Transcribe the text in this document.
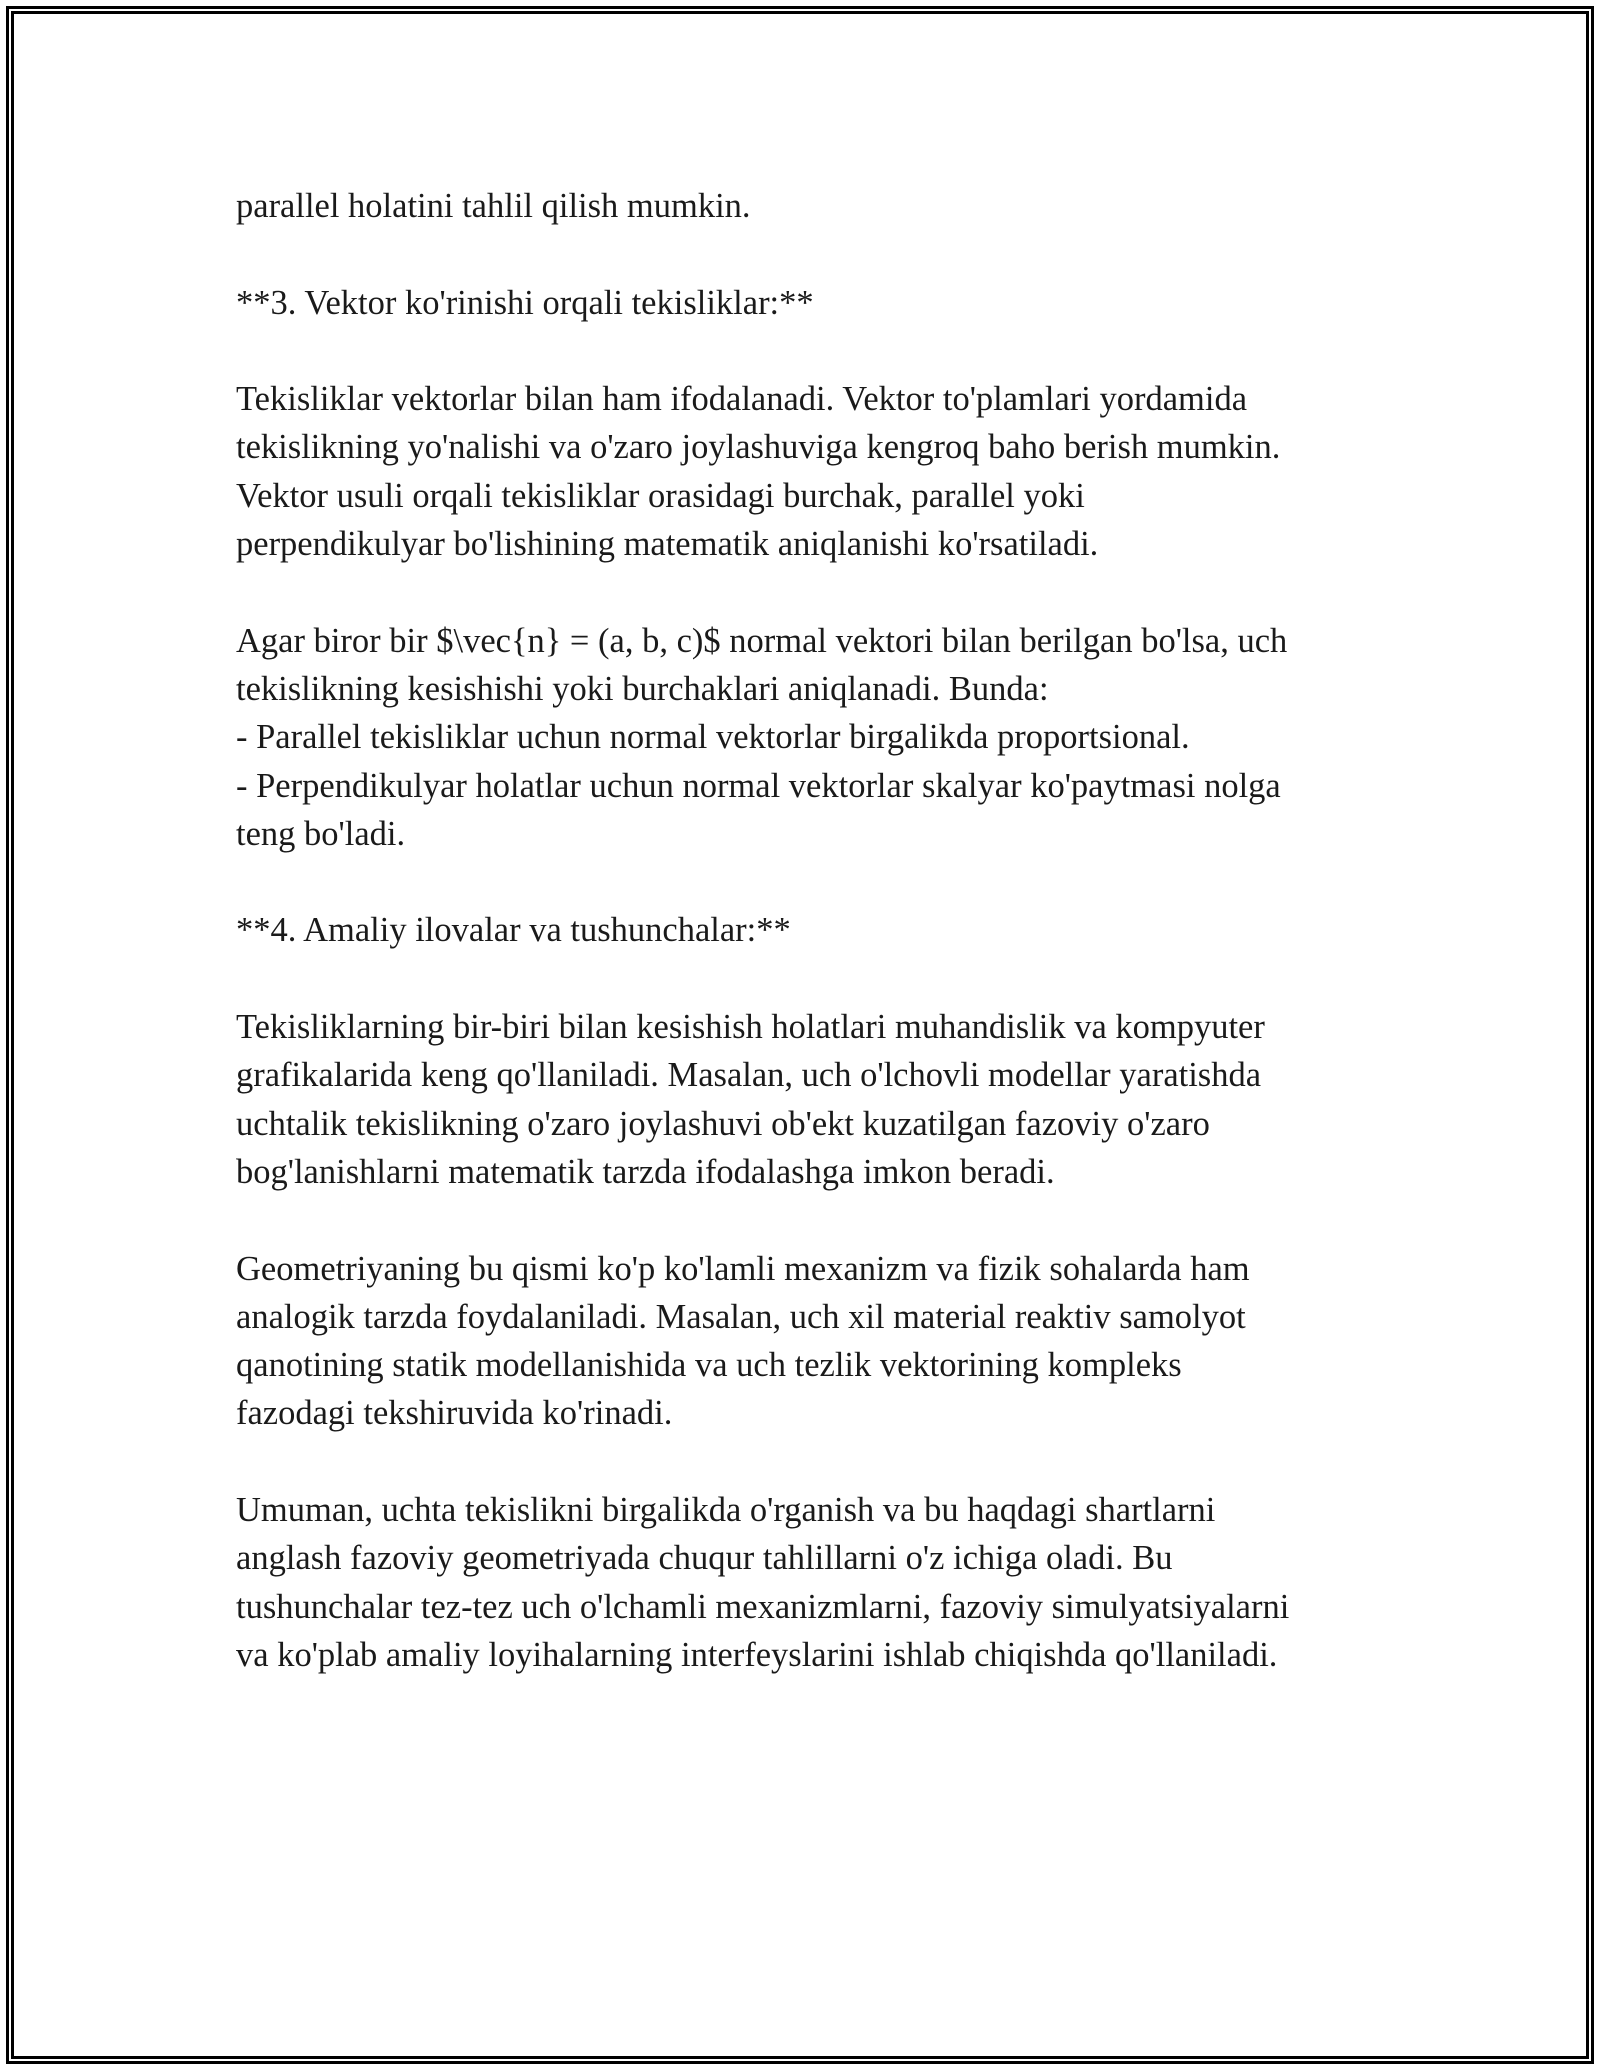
parallel holatini tahlil qilish mumkin.

**3. Vektor ko'rinishi orqali tekisliklar:**

Tekisliklar vektorlar bilan ham ifodalanadi. Vektor to'plamlari yordamida
tekislikning yo'nalishi va o'zaro joylashuviga kengroq baho berish mumkin.
Vektor usuli orqali tekisliklar orasidagi burchak, parallel yoki
perpendikulyar bo'lishining matematik aniqlanishi ko'rsatiladi.

Agar biror bir $\vec{n} = (a, b, c)$ normal vektori bilan berilgan bo'lsa, uch
tekislikning kesishishi yoki burchaklari aniqlanadi. Bunda:
- Parallel tekisliklar uchun normal vektorlar birgalikda proportsional.
- Perpendikulyar holatlar uchun normal vektorlar skalyar ko'paytmasi nolga
teng bo'ladi.

**4. Amaliy ilovalar va tushunchalar:**

Tekisliklarning bir-biri bilan kesishish holatlari muhandislik va kompyuter
grafikalarida keng qo'llaniladi. Masalan, uch o'lchovli modellar yaratishda
uchtalik tekislikning o'zaro joylashuvi ob'ekt kuzatilgan fazoviy o'zaro
bog'lanishlarni matematik tarzda ifodalashga imkon beradi.

Geometriyaning bu qismi ko'p ko'lamli mexanizm va fizik sohalarda ham
analogik tarzda foydalaniladi. Masalan, uch xil material reaktiv samolyot
qanotining statik modellanishida va uch tezlik vektorining kompleks
fazodagi tekshiruvida ko'rinadi.

Umuman, uchta tekislikni birgalikda o'rganish va bu haqdagi shartlarni
anglash fazoviy geometriyada chuqur tahlillarni o'z ichiga oladi. Bu
tushunchalar tez-tez uch o'lchamli mexanizmlarni, fazoviy simulyatsiyalarni
va ko'plab amaliy loyihalarning interfeyslarini ishlab chiqishda qo'llaniladi.
